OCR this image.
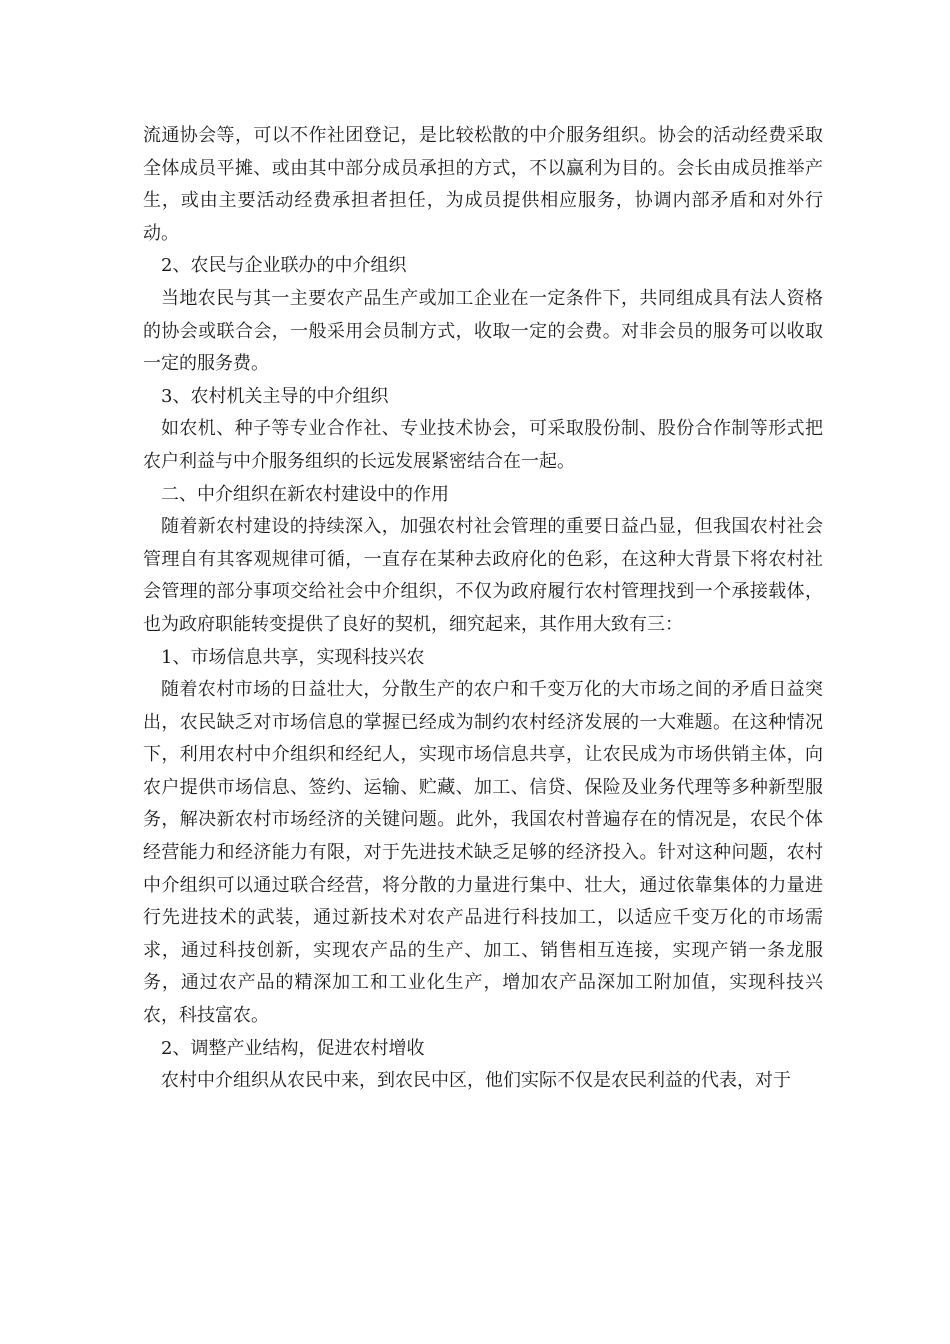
流通协会等，可以不作社团登记，是比较松散的中介服务组织。协会的活动经费采取全体成员平摊、或由其中部分成员承担的方式，不以赢利为目的。会长由成员推举产生，或由主要活动经费承担者担任，为成员提供相应服务，协调内部矛盾和对外行动。

2、农民与企业联办的中介组织

当地农民与其一主要农产品生产或加工企业在一定条件下，共同组成具有法人资格的协会或联合会，一般采用会员制方式，收取一定的会费。对非会员的服务可以收取一定的服务费。

3、农村机关主导的中介组织

如农机、种子等专业合作社、专业技术协会，可采取股份制、股份合作制等形式把农户利益与中介服务组织的长远发展紧密结合在一起。

二、中介组织在新农村建设中的作用

随着新农村建设的持续深入，加强农村社会管理的重要日益凸显，但我国农村社会管理自有其客观规律可循，一直存在某种去政府化的色彩，在这种大背景下将农村社会管理的部分事项交给社会中介组织，不仅为政府履行农村管理找到一个承接载体，也为政府职能转变提供了良好的契机，细究起来，其作用大致有三：

1、市场信息共享，实现科技兴农

随着农村市场的日益壮大，分散生产的农户和千变万化的大市场之间的矛盾日益突出，农民缺乏对市场信息的掌握已经成为制约农村经济发展的一大难题。在这种情况下，利用农村中介组织和经纪人，实现市场信息共享，让农民成为市场供销主体，向农户提供市场信息、签约、运输、贮藏、加工、信贷、保险及业务代理等多种新型服务，解决新农村市场经济的关键问题。此外，我国农村普遍存在的情况是，农民个体经营能力和经济能力有限，对于先进技术缺乏足够的经济投入。针对这种问题，农村中介组织可以通过联合经营，将分散的力量进行集中、壮大，通过依靠集体的力量进行先进技术的武装，通过新技术对农产品进行科技加工，以适应千变万化的市场需求，通过科技创新，实现农产品的生产、加工、销售相互连接，实现产销一条龙服务，通过农产品的精深加工和工业化生产，增加农产品深加工附加值，实现科技兴农，科技富农。

2、调整产业结构，促进农村增收

农村中介组织从农民中来，到农民中区，他们实际不仅是农民利益的代表，对于
